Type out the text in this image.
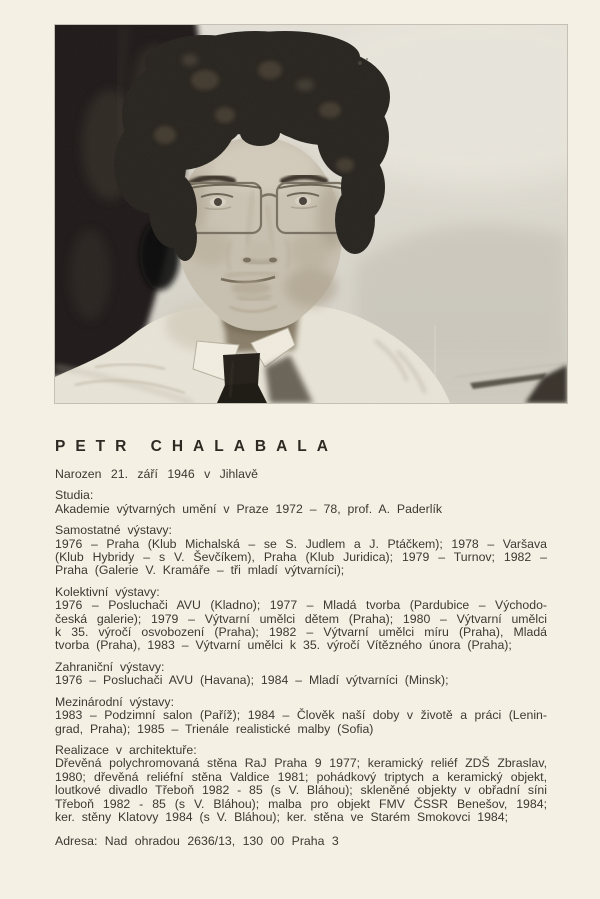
PETR CHALABALA
Narozen 21. září 1946 v Jihlavě
Studia:
Akademie výtvarných umění v Praze 1972 – 78, prof. A. Paderlík
Samostatné výstavy:
1976 – Praha (Klub Michalská – se S. Judlem a J. Ptáčkem); 1978 – Varšava
(Klub Hybridy – s V. Ševčíkem), Praha (Klub Juridica); 1979 – Turnov; 1982 –
Praha (Galerie V. Kramáře – tři mladí výtvarníci);
Kolektivní výstavy:
1976 – Posluchači AVU (Kladno); 1977 – Mladá tvorba (Pardubice – Východo-
česká galerie); 1979 – Výtvarní umělci dětem (Praha); 1980 – Výtvarní umělci
k 35. výročí osvobození (Praha); 1982 – Výtvarní umělci míru (Praha), Mladá
tvorba (Praha), 1983 – Výtvarní umělci k 35. výročí Vítězného února (Praha);
Zahraniční výstavy:
1976 – Posluchači AVU (Havana); 1984 – Mladí výtvarníci (Minsk);
Mezinárodní výstavy:
1983 – Podzimní salon (Paříž); 1984 – Člověk naší doby v životě a práci (Lenin-
grad, Praha); 1985 – Trienále realistické malby (Sofia)
Realizace v architektuře:
Dřevěná polychromovaná stěna RaJ Praha 9 1977; keramický reliéf ZDŠ Zbraslav,
1980; dřevěná reliéfní stěna Valdice 1981; pohádkový triptych a keramický objekt,
loutkové divadlo Třeboň 1982 - 85 (s V. Bláhou); skleněné objekty v obřadní síni
Třeboň 1982 - 85 (s V. Bláhou); malba pro objekt FMV ČSSR Benešov, 1984;
ker. stěny Klatovy 1984 (s V. Bláhou); ker. stěna ve Starém Smokovci 1984;
Adresa: Nad ohradou 2636/13, 130 00 Praha 3
